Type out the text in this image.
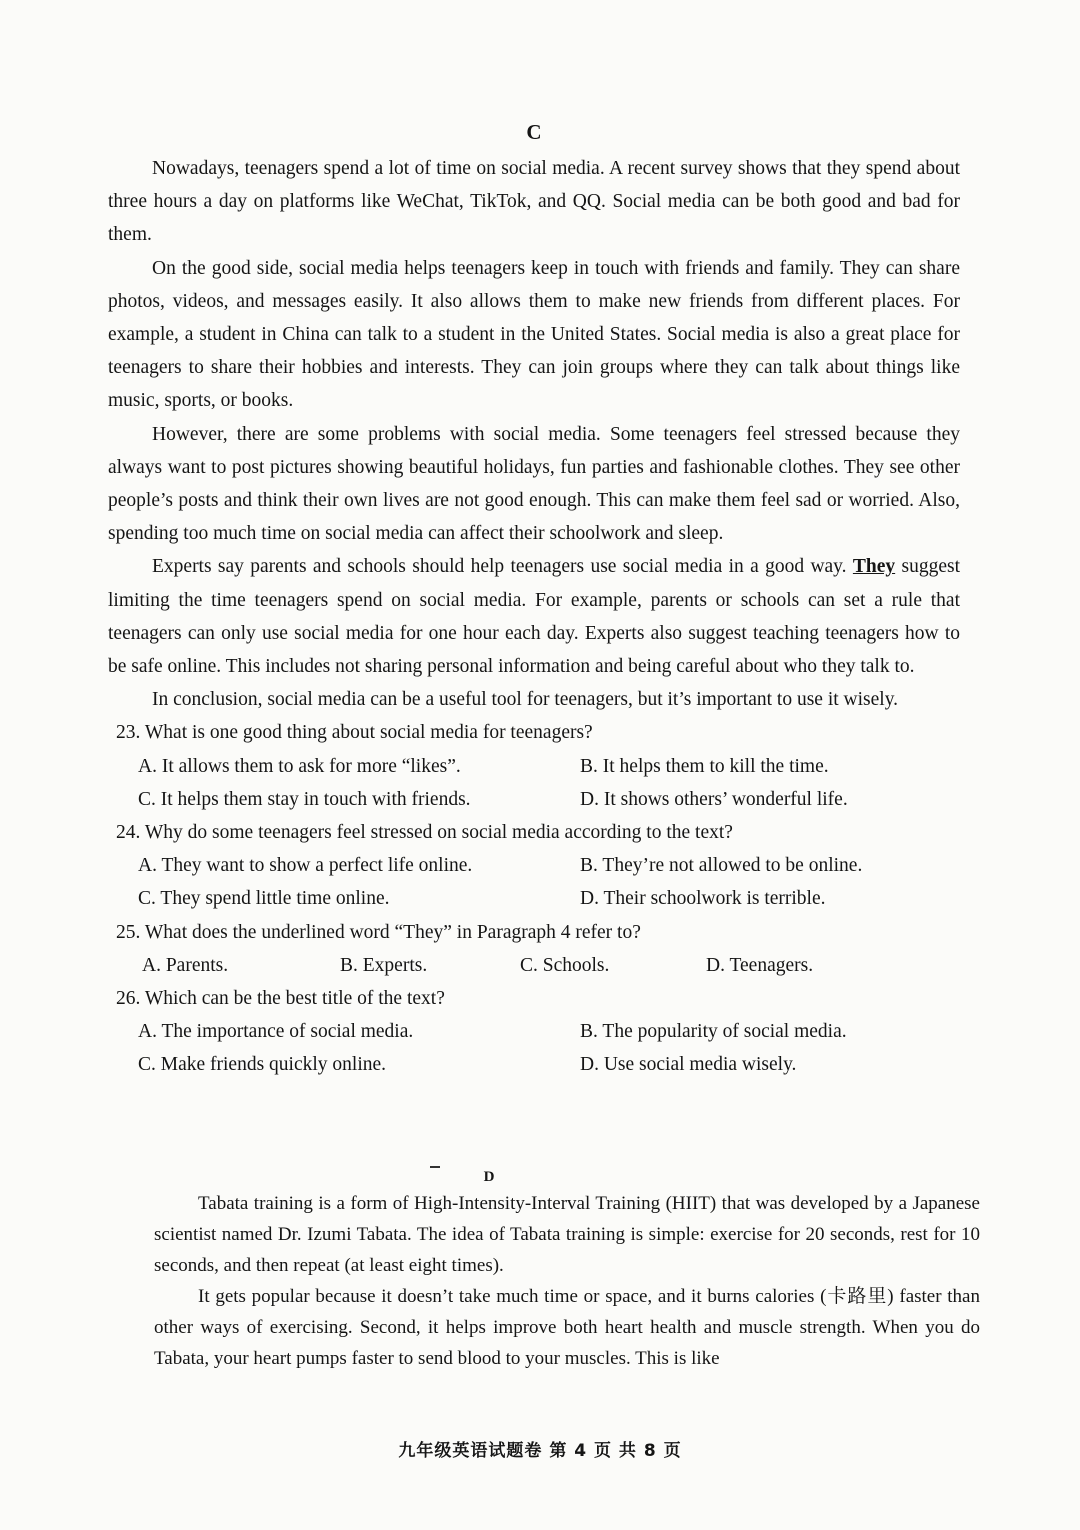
C

Nowadays, teenagers spend a lot of time on social media. A recent survey shows that they spend about three hours a day on platforms like WeChat, TikTok, and QQ. Social media can be both good and bad for them.

On the good side, social media helps teenagers keep in touch with friends and family. They can share photos, videos, and messages easily. It also allows them to make new friends from different places. For example, a student in China can talk to a student in the United States. Social media is also a great place for teenagers to share their hobbies and interests. They can join groups where they can talk about things like music, sports, or books.

However, there are some problems with social media. Some teenagers feel stressed because they always want to post pictures showing beautiful holidays, fun parties and fashionable clothes. They see other people’s posts and think their own lives are not good enough. This can make them feel sad or worried. Also, spending too much time on social media can affect their schoolwork and sleep.

Experts say parents and schools should help teenagers use social media in a good way. They suggest limiting the time teenagers spend on social media. For example, parents or schools can set a rule that teenagers can only use social media for one hour each day. Experts also suggest teaching teenagers how to be safe online. This includes not sharing personal information and being careful about who they talk to.

In conclusion, social media can be a useful tool for teenagers, but it’s important to use it wisely.

23. What is one good thing about social media for teenagers?

A. It allows them to ask for more “likes”.	B. It helps them to kill the time.
C. It helps them stay in touch with friends.	D. It shows others’ wonderful life.

24. Why do some teenagers feel stressed on social media according to the text?

A. They want to show a perfect life online.	B. They’re not allowed to be online.
C. They spend little time online.	D. Their schoolwork is terrible.

25. What does the underlined word “They” in Paragraph 4 refer to?

A. Parents.	B. Experts.	C. Schools.	D. Teenagers.

26. Which can be the best title of the text?

A. The importance of social media.	B. The popularity of social media.
C. Make friends quickly online.	D. Use social media wisely.
D

Tabata training is a form of High-Intensity-Interval Training (HIIT) that was developed by a Japanese scientist named Dr. Izumi Tabata. The idea of Tabata training is simple: exercise for 20 seconds, rest for 10 seconds, and then repeat (at least eight times).

It gets popular because it doesn’t take much time or space, and it burns calories (卡路里) faster than other ways of exercising. Second, it helps improve both heart health and muscle strength. When you do Tabata, your heart pumps faster to send blood to your muscles. This is like

九年级英语试题卷 第 4 页 共 8 页
